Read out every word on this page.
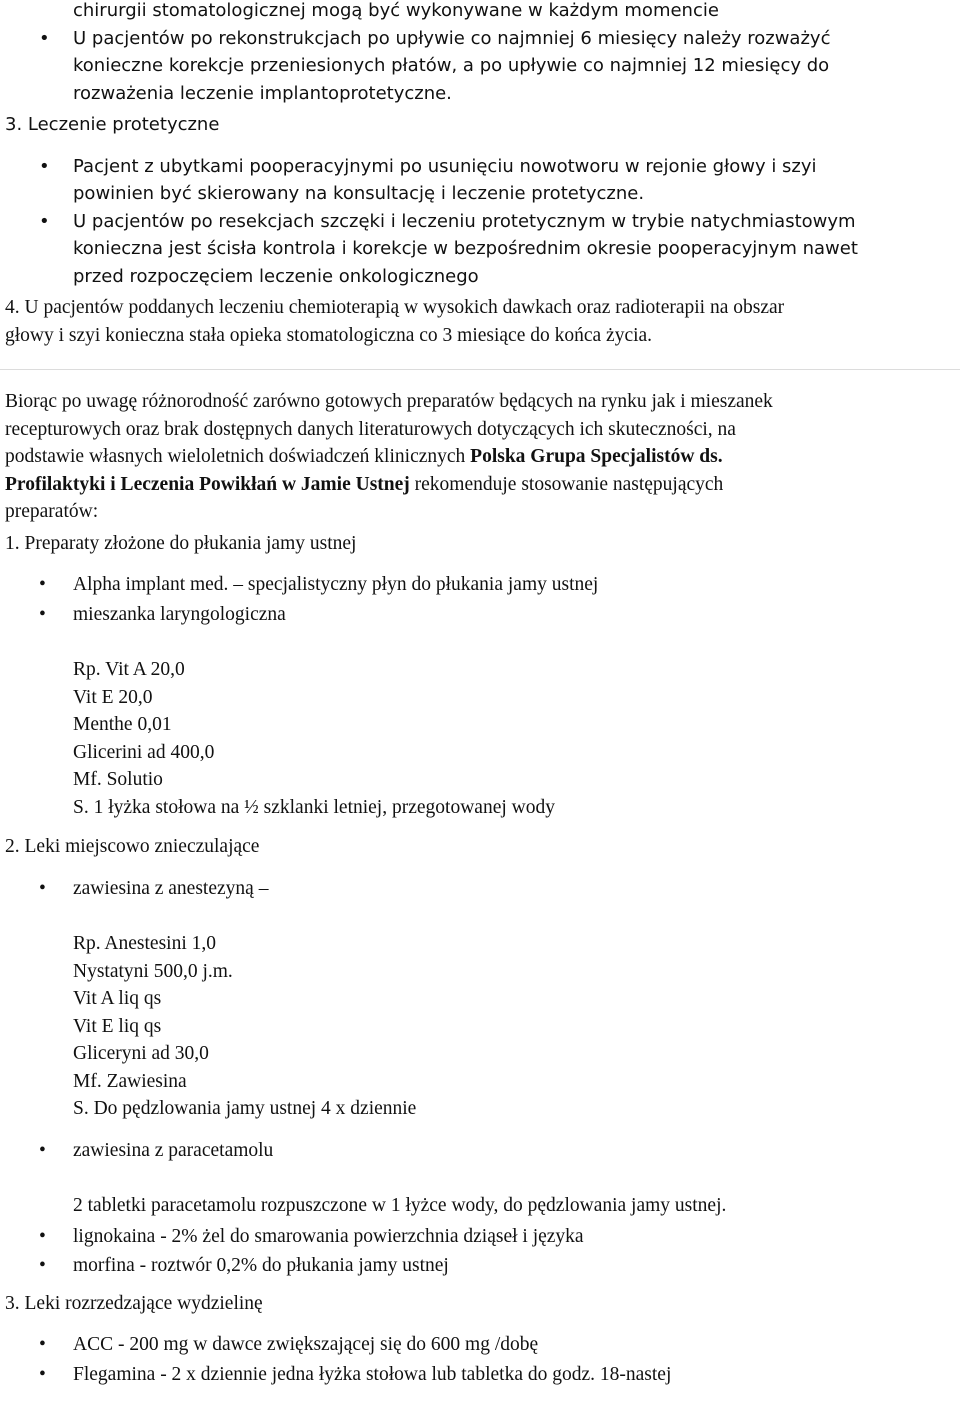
chirurgii stomatologicznej mogą być wykonywane w każdym momencie
• U pacjentów po rekonstrukcjach po upływie co najmniej 6 miesięcy należy rozważyć
konieczne korekcje przeniesionych płatów, a po upływie co najmniej 12 miesięcy do
rozważenia leczenie implantoprotetyczne.
3. Leczenie protetyczne
• Pacjent z ubytkami pooperacyjnymi po usunięciu nowotworu w rejonie głowy i szyi
powinien być skierowany na konsultację i leczenie protetyczne.
• U pacjentów po resekcjach szczęki i leczeniu protetycznym w trybie natychmiastowym
konieczna jest ścisła kontrola i korekcje w bezpośrednim okresie pooperacyjnym nawet
przed rozpoczęciem leczenie onkologicznego
4. U pacjentów poddanych leczeniu chemioterapią w wysokich dawkach oraz radioterapii na obszar
głowy i szyi konieczna stała opieka stomatologiczna co 3 miesiące do końca życia.
Biorąc po uwagę różnorodność zarówno gotowych preparatów będących na rynku jak i mieszanek
recepturowych oraz brak dostępnych danych literaturowych dotyczących ich skuteczności, na
podstawie własnych wieloletnich doświadczeń klinicznych Polska Grupa Specjalistów ds.
Profilaktyki i Leczenia Powikłań w Jamie Ustnej rekomenduje stosowanie następujących
preparatów:
1. Preparaty złożone do płukania jamy ustnej
• Alpha implant med. – specjalistyczny płyn do płukania jamy ustnej
• mieszanka laryngologiczna
Rp. Vit A 20,0
Vit E 20,0
Menthe 0,01
Glicerini ad 400,0
Mf. Solutio
S. 1 łyżka stołowa na ½ szklanki letniej, przegotowanej wody
2. Leki miejscowo znieczulające
• zawiesina z anestezyną –
Rp. Anestesini 1,0
Nystatyni 500,0 j.m.
Vit A liq qs
Vit E liq qs
Gliceryni ad 30,0
Mf. Zawiesina
S. Do pędzlowania jamy ustnej 4 x dziennie
• zawiesina z paracetamolu
2 tabletki paracetamolu rozpuszczone w 1 łyżce wody, do pędzlowania jamy ustnej.
• lignokaina - 2% żel do smarowania powierzchnia dziąseł i języka
• morfina - roztwór 0,2% do płukania jamy ustnej
3. Leki rozrzedzające wydzielinę
• ACC - 200 mg w dawce zwiększającej się do 600 mg /dobę
• Flegamina - 2 x dziennie jedna łyżka stołowa lub tabletka do godz. 18-nastej
